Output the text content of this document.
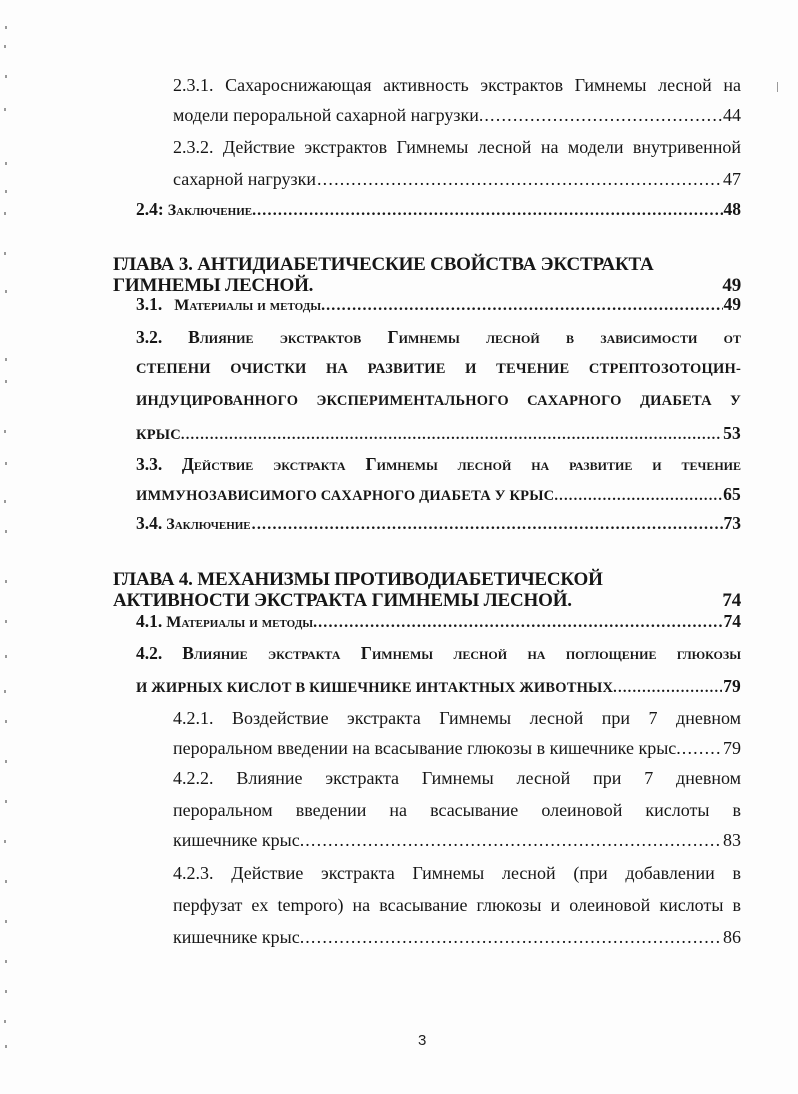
2.3.1. Сахароснижающая активность экстрактов Гимнемы лесной на
модели пероральной сахарной нагрузки. .....	44
2.3.2. Действие экстрактов Гимнемы лесной на модели внутривенной
сахарной нагрузки .....	47
2.4: Заключение. .....	48
ГЛАВА 3. АНТИДИАБЕТИЧЕСКИЕ СВОЙСТВА ЭКСТРАКТА
ГИМНЕМЫ ЛЕСНОЙ.	49
3.1. Материалы и методы. .....	49
3.2. Влияние экстрактов Гимнемы лесной в зависимости от
СТЕПЕНИ ОЧИСТКИ НА РАЗВИТИЕ И ТЕЧЕНИЕ СТРЕПТОЗОТОЦИН-
ИНДУЦИРОВАННОГО ЭКСПЕРИМЕНТАЛЬНОГО САХАРНОГО ДИАБЕТА У
КРЫС. .....	53
3.3. Действие экстракта Гимнемы лесной на развитие и течение
ИММУНОЗАВИСИМОГО САХАРНОГО ДИАБЕТА У КРЫС. .....	65
3.4. Заключение .....	73
ГЛАВА 4. МЕХАНИЗМЫ ПРОТИВОДИАБЕТИЧЕСКОЙ
АКТИВНОСТИ ЭКСТРАКТА ГИМНЕМЫ ЛЕСНОЙ.	74
4.1. Материалы и методы. .....	74
4.2. Влияние экстракта Гимнемы лесной на поглощение глюкозы
И ЖИРНЫХ КИСЛОТ В КИШЕЧНИКЕ ИНТАКТНЫХ ЖИВОТНЫХ. .....	79
4.2.1. Воздействие экстракта Гимнемы лесной при 7 дневном
пероральном введении на всасывание глюкозы в кишечнике крыс. ..... 79
4.2.2. Влияние экстракта Гимнемы лесной при 7 дневном
пероральном введении на всасывание олеиновой кислоты в
кишечнике крыс. .....	83
4.2.3. Действие экстракта Гимнемы лесной (при добавлении в
перфузат ex temporo) на всасывание глюкозы и олеиновой кислоты в
кишечнике крыс. .....	86
3
